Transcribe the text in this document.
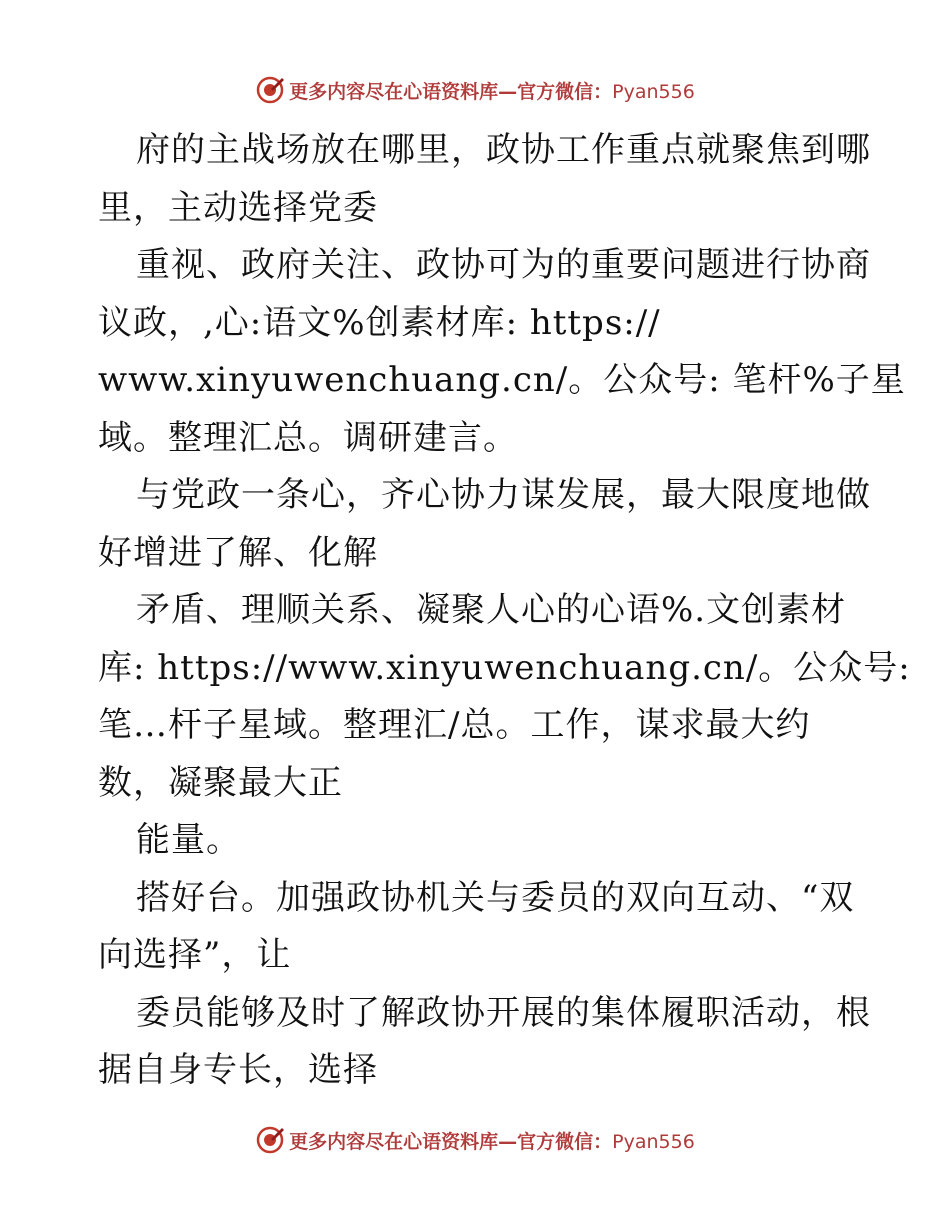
更多内容尽在心语资料库—官方微信：Pyan556
府的主战场放在哪里，政协工作重点就聚焦到哪
里，主动选择党委
重视、政府关注、政协可为的重要问题进行协商
议政，,心:语文%创素材库: https://
www.xinyuwenchuang.cn/。公众号: 笔杆%子星
域。整理汇总。调研建言。
与党政一条心，齐心协力谋发展，最大限度地做
好增进了解、化解
矛盾、理顺关系、凝聚人心的心语%.文创素材
库: https://www.xinyuwenchuang.cn/。公众号:
笔…杆子星域。整理汇/总。工作，谋求最大约
数，凝聚最大正
能量。
搭好台。加强政协机关与委员的双向互动、“双
向选择”，让
委员能够及时了解政协开展的集体履职活动，根
据自身专长，选择
更多内容尽在心语资料库—官方微信：Pyan556
